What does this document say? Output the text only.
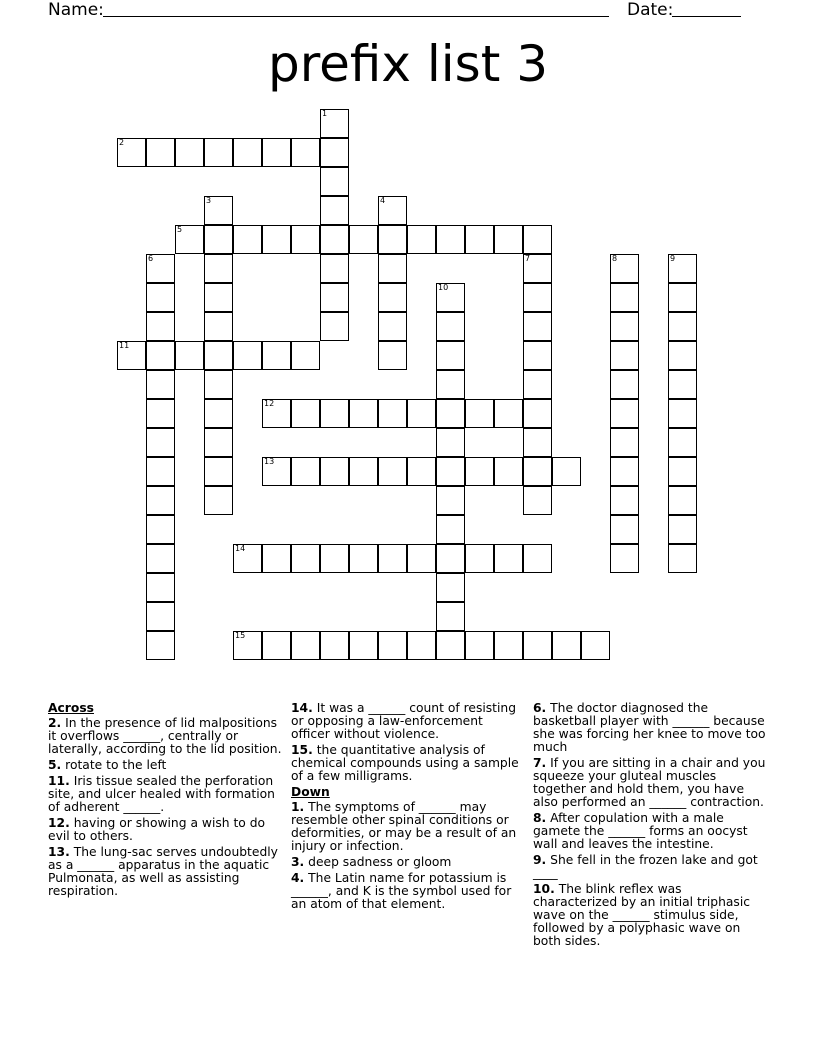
Name:	Date:
prefix list 3
1
2
3	4
5
6	7	8	9
10
11
12
13
14
15
Across

2. In the presence of lid malpositions it overflows ______, centrally or laterally, according to the lid position.

5. rotate to the left

11. Iris tissue sealed the perforation site, and ulcer healed with formation of adherent ______.

12. having or showing a wish to do evil to others.

13. The lung-sac serves undoubtedly as a ______ apparatus in the aquatic Pulmonata, as well as assisting respiration.

14. It was a ______ count of resisting or opposing a law-enforcement officer without violence.

15. the quantitative analysis of chemical compounds using a sample of a few milligrams.

Down

1. The symptoms of ______ may resemble other spinal conditions or deformities, or may be a result of an injury or infection.

3. deep sadness or gloom

4. The Latin name for potassium is ______, and K is the symbol used for an atom of that element.

6. The doctor diagnosed the basketball player with ______ because she was forcing her knee to move too much

7. If you are sitting in a chair and you squeeze your gluteal muscles together and hold them, you have also performed an ______ contraction.

8. After copulation with a male gamete the ______ forms an oocyst wall and leaves the intestine.

9. She fell in the frozen lake and got ____

10. The blink reflex was characterized by an initial triphasic wave on the ______ stimulus side, followed by a polyphasic wave on both sides.
